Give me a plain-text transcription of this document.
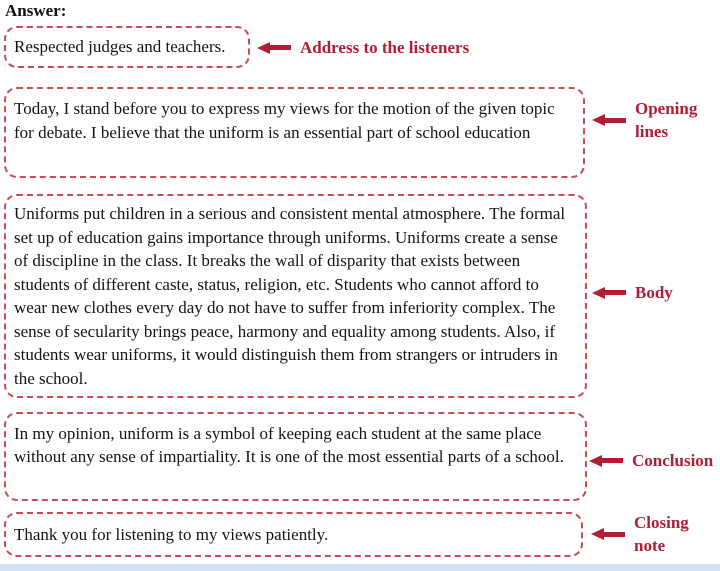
Answer:

Respected judges and teachers.	Address to the listeners

Today, I stand before you to express my views for the motion of the given topic for debate. I believe that the uniform is an essential part of school education

Opening lines

Uniforms put children in a serious and consistent mental atmosphere. The formal set up of education gains importance through uniforms. Uniforms create a sense of discipline in the class. It breaks the wall of disparity that exists between students of different caste, status, religion, etc. Students who cannot afford to wear new clothes every day do not have to suffer from inferiority complex. The sense of secularity brings peace, harmony and equality among students. Also, if students wear uniforms, it would distinguish them from strangers or intruders in the school.

Body

In my opinion, uniform is a symbol of keeping each student at the same place without any sense of impartiality. It is one of the most essential parts of a school.	Conclusion

Thank you for listening to my views patiently.

Closing note
